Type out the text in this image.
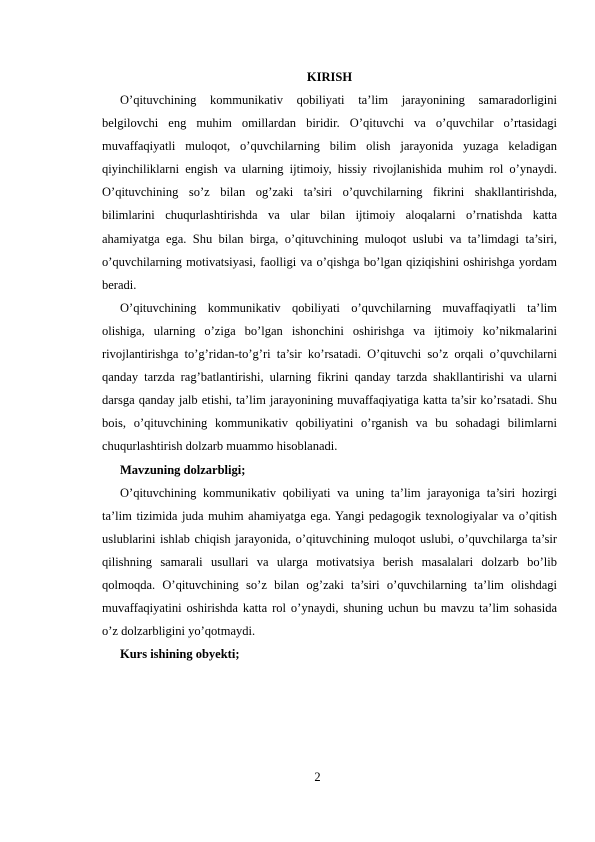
KIRISH

O’qituvchining kommunikativ qobiliyati ta’lim jarayonining samaradorligini belgilovchi eng muhim omillardan biridir. O’qituvchi va o’quvchilar o’rtasidagi muvaffaqiyatli muloqot, o’quvchilarning bilim olish jarayonida yuzaga keladigan qiyinchiliklarni engish va ularning ijtimoiy, hissiy rivojlanishida muhim rol o’ynaydi. O’qituvchining so’z bilan og’zaki ta’siri o’quvchilarning fikrini shakllantirishda, bilimlarini chuqurlashtirishda va ular bilan ijtimoiy aloqalarni o’rnatishda katta ahamiyatga ega. Shu bilan birga, o’qituvchining muloqot uslubi va ta’limdagi ta’siri, o’quvchilarning motivatsiyasi, faolligi va o’qishga bo’lgan qiziqishini oshirishga yordam beradi.

O’qituvchining kommunikativ qobiliyati o’quvchilarning muvaffaqiyatli ta’lim olishiga, ularning o’ziga bo’lgan ishonchini oshirishga va ijtimoiy ko’nikmalarini rivojlantirishga to’g’ridan-to’g’ri ta’sir ko’rsatadi. O’qituvchi so’z orqali o’quvchilarni qanday tarzda rag’batlantirishi, ularning fikrini qanday tarzda shakllantirishi va ularni darsga qanday jalb etishi, ta’lim jarayonining muvaffaqiyatiga katta ta’sir ko’rsatadi. Shu bois, o’qituvchining kommunikativ qobiliyatini o’rganish va bu sohadagi bilimlarni chuqurlashtirish dolzarb muammo hisoblanadi.

Mavzuning dolzarbligi;

O’qituvchining kommunikativ qobiliyati va uning ta’lim jarayoniga ta’siri hozirgi ta’lim tizimida juda muhim ahamiyatga ega. Yangi pedagogik texnologiyalar va o’qitish uslublarini ishlab chiqish jarayonida, o’qituvchining muloqot uslubi, o’quvchilarga ta’sir qilishning samarali usullari va ularga motivatsiya berish masalalari dolzarb bo’lib qolmoqda. O’qituvchining so’z bilan og’zaki ta’siri o’quvchilarning ta’lim olishdagi muvaffaqiyatini oshirishda katta rol o’ynaydi, shuning uchun bu mavzu ta’lim sohasida o’z dolzarbligini yo’qotmaydi.

Kurs ishining obyekti;

2
